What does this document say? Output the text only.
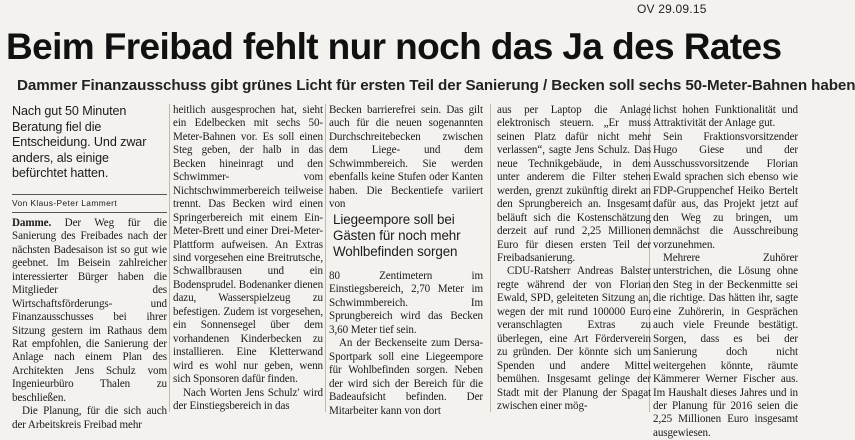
OV 29.09.15
Beim Freibad fehlt nur noch das Ja des Rates
Dammer Finanzausschuss gibt grünes Licht für ersten Teil der Sanierung / Becken soll sechs 50-Meter-Bahnen haben

Nach gut 50 Minuten Beratung fiel die Entscheidung. Und zwar anders, als einige befürchtet hatten.

Von Klaus-Peter Lammert

Damme. Der Weg für die Sanierung des Freibades nach der nächsten Badesaison ist so gut wie geebnet. Im Beisein zahlreicher interessierter Bürger haben die Mitglieder des Wirtschaftsförderungs- und Finanzausschusses bei ihrer Sitzung gestern im Rathaus dem Rat empfohlen, die Sanierung der Anlage nach einem Plan des Architekten Jens Schulz vom Ingenieurbüro Thalen zu beschließen.

Die Planung, für die sich auch der Arbeitskreis Freibad mehr

heitlich ausgesprochen hat, sieht ein Edelbecken mit sechs 50-Meter-Bahnen vor. Es soll einen Steg geben, der halb in das Becken hineinragt und den Schwimmer- vom Nichtschwimmerbereich teilweise trennt. Das Becken wird einen Springerbereich mit einem Ein-Meter-Brett und einer Drei-Meter-Plattform aufweisen. An Extras sind vorgesehen eine Breitrutsche, Schwallbrausen und ein Bodensprudel. Bodenanker dienen dazu, Wasserspielzeug zu befestigen. Zudem ist vorgesehen, ein Sonnensegel über dem vorhandenen Kinderbecken zu installieren. Eine Kletterwand wird es wohl nur geben, wenn sich Sponsoren dafür finden.

Nach Worten Jens Schulz' wird der Einstiegsbereich in das

Becken barrierefrei sein. Das gilt auch für die neuen sogenannten Durchschreitebecken zwischen dem Liege- und dem Schwimmbereich. Sie werden ebenfalls keine Stufen oder Kanten haben. Die Beckentiefe variiert von

Liegeempore soll bei Gästen für noch mehr Wohlbefinden sorgen

80 Zentimetern im Einstiegsbereich, 2,70 Meter im Schwimmbereich. Im Sprungbereich wird das Becken 3,60 Meter tief sein.

An der Beckenseite zum Dersa-Sportpark soll eine Liegeempore für Wohlbefinden sorgen. Neben der wird sich der Bereich für die Badeaufsicht befinden. Der Mitarbeiter kann von dort

aus per Laptop die Anlage elektronisch steuern. „Er muss seinen Platz dafür nicht mehr verlassen“, sagte Jens Schulz. Das neue Technikgebäude, in dem unter anderem die Filter stehen werden, grenzt zukünftig direkt an den Sprungbereich an. Insgesamt beläuft sich die Kostenschätzung derzeit auf rund 2,25 Millionen Euro für diesen ersten Teil der Freibadsanierung.

CDU-Ratsherr Andreas Balster regte während der von Florian Ewald, SPD, geleiteten Sitzung an, wegen der mit rund 100000 Euro veranschlagten Extras zu überlegen, eine Art Förderverein zu gründen. Der könnte sich um Spenden und andere Mittel bemühen. Insgesamt gelinge der Stadt mit der Planung der Spagat zwischen einer mög-

lichst hohen Funktionalität und Attraktivität der Anlage gut.

Sein Fraktionsvorsitzender Hugo Giese und der Ausschussvorsitzende Florian Ewald sprachen sich ebenso wie FDP-Gruppenchef Heiko Bertelt dafür aus, das Projekt jetzt auf den Weg zu bringen, um demnächst die Ausschreibung vorzunehmen.

Mehrere Zuhörer unterstrichen, die Lösung ohne den Steg in der Beckenmitte sei die richtige. Das hätten ihr, sagte eine Zuhörerin, in Gesprächen auch viele Freunde bestätigt. Sorgen, dass es bei der Sanierung doch nicht weitergehen könnte, räumte Kämmerer Werner Fischer aus. Im Haushalt dieses Jahres und in der Planung für 2016 seien die 2,25 Millionen Euro insgesamt ausgewiesen.
